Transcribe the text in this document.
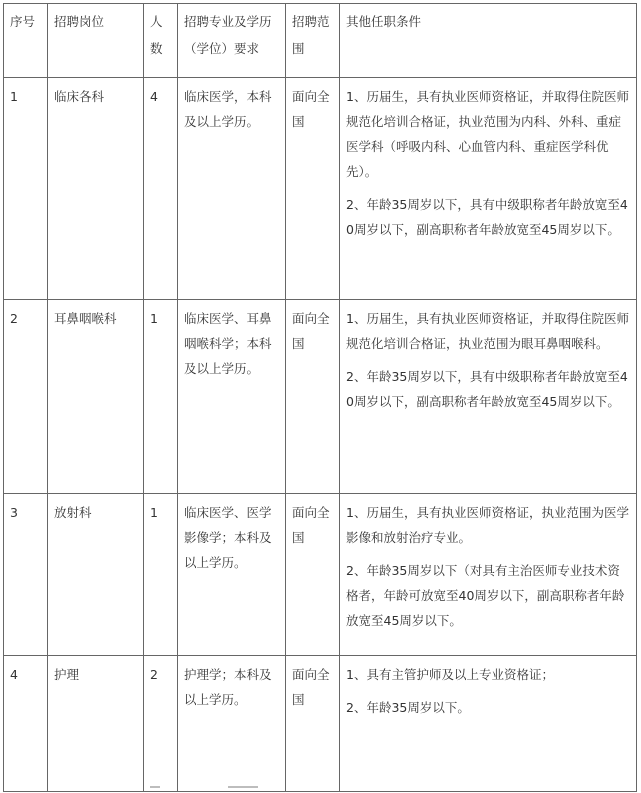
序号	招聘岗位	人数	招聘专业及学历（学位）要求	招聘范围	其他任职条件
1	临床各科	4	临床医学，本科及以上学历。	面向全国	1、历届生，具有执业医师资格证，并取得住院医师规范化培训合格证，执业范围为内科、外科、重症医学科（呼吸内科、心血管内科、重症医学科优先）。
2、年龄35周岁以下，具有中级职称者年龄放宽至40周岁以下，副高职称者年龄放宽至45周岁以下。

2	耳鼻咽喉科	1	临床医学、耳鼻咽喉科学；本科及以上学历。	面向全国	1、历届生，具有执业医师资格证，并取得住院医师规范化培训合格证，执业范围为眼耳鼻咽喉科。
2、年龄35周岁以下，具有中级职称者年龄放宽至40周岁以下，副高职称者年龄放宽至45周岁以下。

3	放射科	1	临床医学、医学影像学；本科及以上学历。	面向全国	1、历届生，具有执业医师资格证，执业范围为医学影像和放射治疗专业。
2、年龄35周岁以下（对具有主治医师专业技术资格者，年龄可放宽至40周岁以下，副高职称者年龄放宽至45周岁以下。

4	护理	2	护理学；本科及以上学历。	面向全国	1、具有主管护师及以上专业资格证；
2、年龄35周岁以下。
